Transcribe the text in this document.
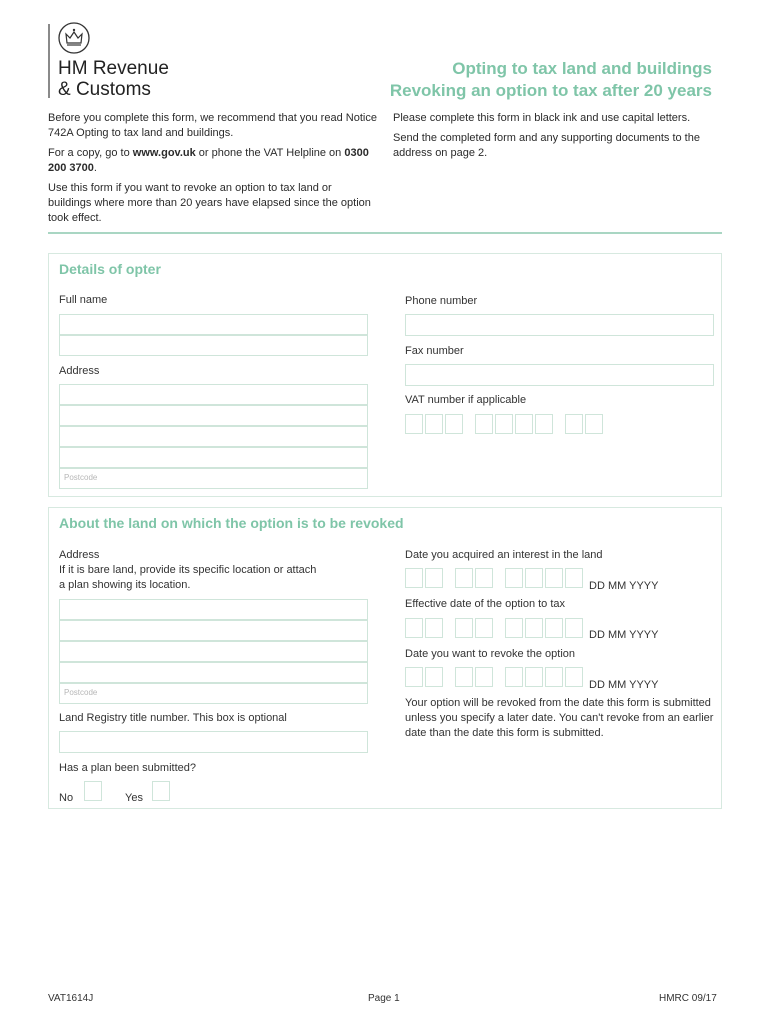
HM Revenue
& Customs
Opting to tax land and buildings
Revoking an option to tax after 20 years

Before you complete this form, we recommend that you read Notice 742A Opting to tax land and buildings.

For a copy, go to www.gov.uk or phone the VAT Helpline on 0300 200 3700.

Use this form if you want to revoke an option to tax land or buildings where more than 20 years have elapsed since the option took effect.

Please complete this form in black ink and use capital letters.

Send the completed form and any supporting documents to the address on page 2.

Details of opter
Full name
Address
Postcode
Phone number
Fax number
VAT number if applicable
About the land on which the option is to be revoked
Address
If it is bare land, provide its specific location or attach
a plan showing its location.
Postcode
Land Registry title number. This box is optional
Has a plan been submitted?
No	Yes
Date you acquired an interest in the land
DD MM YYYY
Effective date of the option to tax
DD MM YYYY
Date you want to revoke the option
DD MM YYYY
Your option will be revoked from the date this form is submitted unless you specify a later date. You can't revoke from an earlier date than the date this form is submitted.
VAT1614J	Page 1	HMRC 09/17
